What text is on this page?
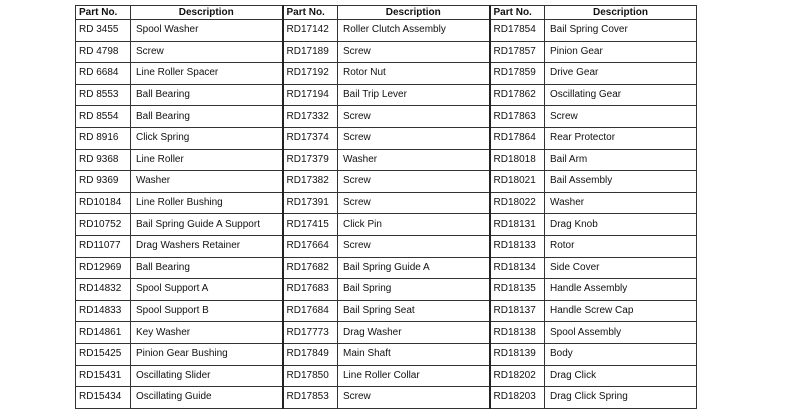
Part No.	Description	Part No.	Description	Part No.	Description
RD 3455	Spool Washer	RD17142	Roller Clutch Assembly	RD17854	Bail Spring Cover
RD 4798	Screw	RD17189	Screw	RD17857	Pinion Gear
RD 6684	Line Roller Spacer	RD17192	Rotor Nut	RD17859	Drive Gear
RD 8553	Ball Bearing	RD17194	Bail Trip Lever	RD17862	Oscillating Gear
RD 8554	Ball Bearing	RD17332	Screw	RD17863	Screw
RD 8916	Click Spring	RD17374	Screw	RD17864	Rear Protector
RD 9368	Line Roller	RD17379	Washer	RD18018	Bail Arm
RD 9369	Washer	RD17382	Screw	RD18021	Bail Assembly
RD10184	Line Roller Bushing	RD17391	Screw	RD18022	Washer
RD10752	Bail Spring Guide A Support	RD17415	Click Pin	RD18131	Drag Knob
RD11077	Drag Washers Retainer	RD17664	Screw	RD18133	Rotor
RD12969	Ball Bearing	RD17682	Bail Spring Guide A	RD18134	Side Cover
RD14832	Spool Support A	RD17683	Bail Spring	RD18135	Handle Assembly
RD14833	Spool Support B	RD17684	Bail Spring Seat	RD18137	Handle Screw Cap
RD14861	Key Washer	RD17773	Drag Washer	RD18138	Spool Assembly
RD15425	Pinion Gear Bushing	RD17849	Main Shaft	RD18139	Body
RD15431	Oscillating Slider	RD17850	Line Roller Collar	RD18202	Drag Click
RD15434	Oscillating Guide	RD17853	Screw	RD18203	Drag Click Spring
